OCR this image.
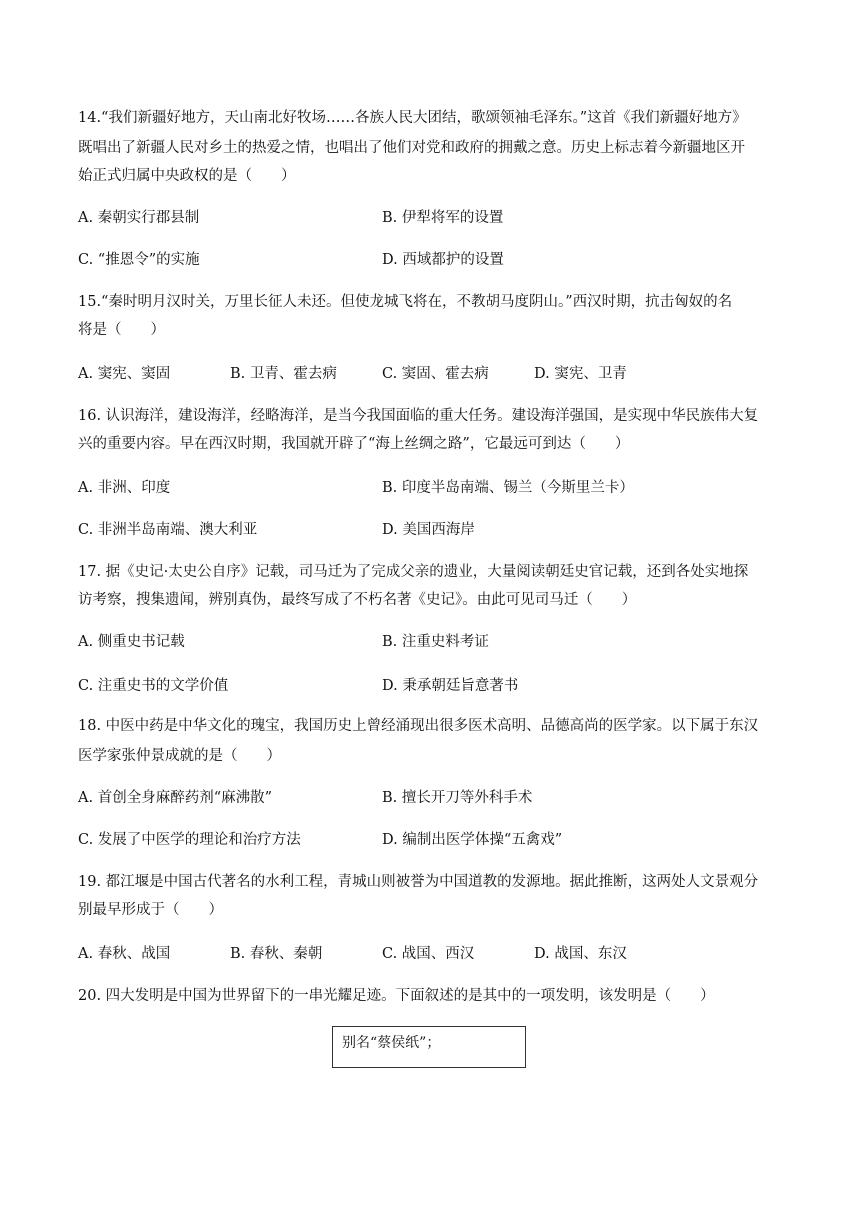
14.“我们新疆好地方，天山南北好牧场……各族人民大团结，歌颂领袖毛泽东。”这首《我们新疆好地方》
既唱出了新疆人民对乡土的热爱之情，也唱出了他们对党和政府的拥戴之意。历史上标志着今新疆地区开
始正式归属中央政权的是（　　）
A. 秦朝实行郡县制	B. 伊犁将军的设置
C. “推恩令”的实施	D. 西域都护的设置
15.“秦时明月汉时关，万里长征人未还。但使龙城飞将在，不教胡马度阴山。”西汉时期，抗击匈奴的名
将是（　　）
A. 窦宪、窦固	B. 卫青、霍去病	C. 窦固、霍去病	D. 窦宪、卫青
16. 认识海洋，建设海洋，经略海洋，是当今我国面临的重大任务。建设海洋强国，是实现中华民族伟大复
兴的重要内容。早在西汉时期，我国就开辟了“海上丝绸之路”，它最远可到达（　　）
A. 非洲、印度	B. 印度半岛南端、锡兰（今斯里兰卡）
C. 非洲半岛南端、澳大利亚	D. 美国西海岸
17. 据《史记·太史公自序》记载，司马迁为了完成父亲的遗业，大量阅读朝廷史官记载，还到各处实地探
访考察，搜集遗闻，辨别真伪，最终写成了不朽名著《史记》。由此可见司马迁（　　）
A. 侧重史书记载	B. 注重史料考证
C. 注重史书的文学价值	D. 秉承朝廷旨意著书
18. 中医中药是中华文化的瑰宝，我国历史上曾经涌现出很多医术高明、品德高尚的医学家。以下属于东汉
医学家张仲景成就的是（　　）
A. 首创全身麻醉药剂“麻沸散”	B. 擅长开刀等外科手术
C. 发展了中医学的理论和治疗方法	D. 编制出医学体操“五禽戏”
19. 都江堰是中国古代著名的水利工程，青城山则被誉为中国道教的发源地。据此推断，这两处人文景观分
别最早形成于（　　）
A. 春秋、战国	B. 春秋、秦朝	C. 战国、西汉	D. 战国、东汉
20. 四大发明是中国为世界留下的一串光耀足迹。下面叙述的是其中的一项发明，该发明是（　　）
别名“蔡侯纸”；
